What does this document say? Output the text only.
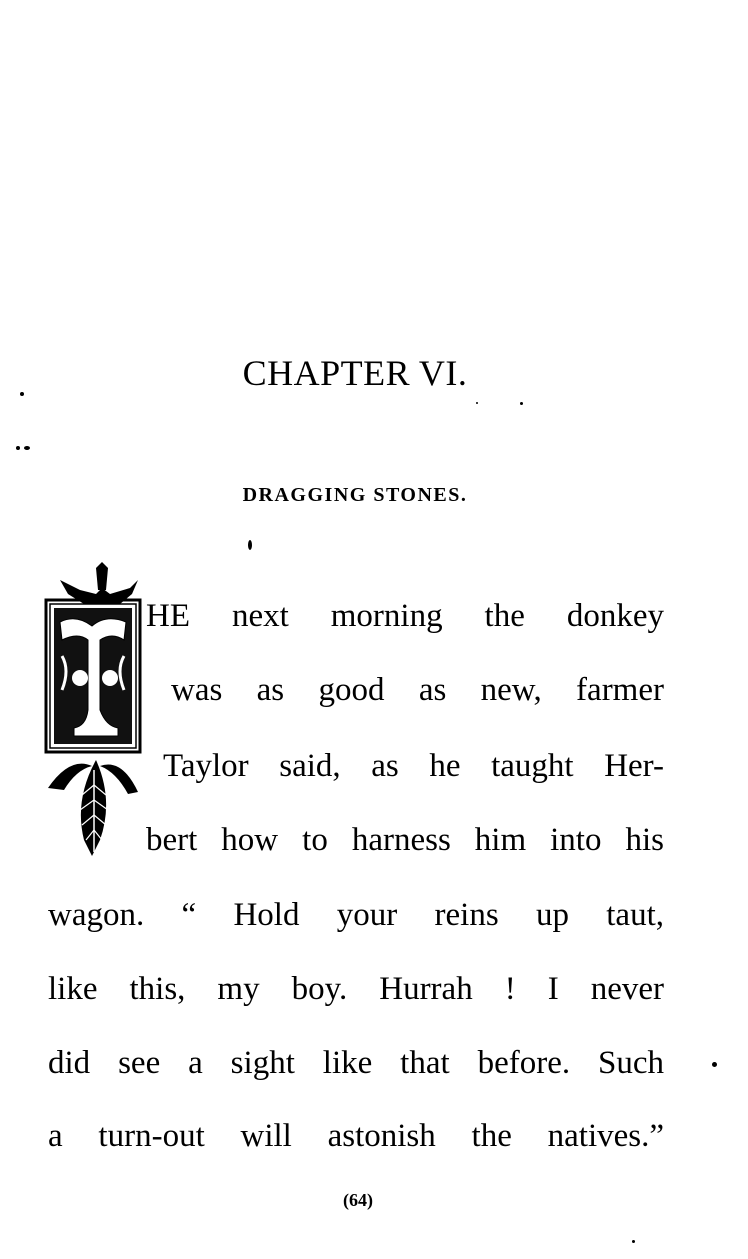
CHAPTER VI.
DRAGGING STONES.
HE next morning the donkey
was as good as new, farmer
Taylor said, as he taught Her-
bert how to harness him into his
wagon. “ Hold your reins up taut,
like this, my boy. Hurrah ! I never
did see a sight like that before. Such
a turn-out will astonish the natives.”
(64)
